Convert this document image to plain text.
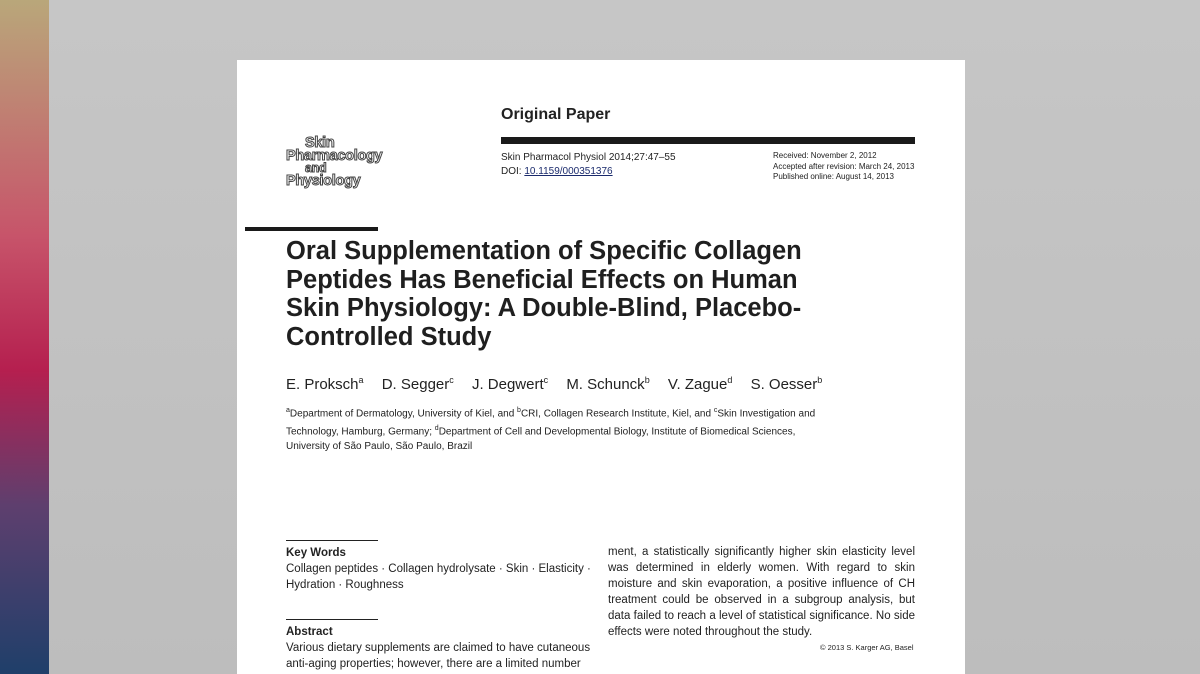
Skin
Pharmacology
and
Physiology
Original Paper
Skin Pharmacol Physiol 2014;27:47–55
DOI: 10.1159/000351376
Received: November 2, 2012
Accepted after revision: March 24, 2013
Published online: August 14, 2013
Oral Supplementation of Specific Collagen Peptides Has Beneficial Effects on Human Skin Physiology: A Double-Blind, Placebo-Controlled Study
E. Proksch$^a$ D. Segger$^c$ J. Degwert$^c$ M. Schunck$^b$ V. Zague$^d$ S. Oesser$^b$
$^a$Department of Dermatology, University of Kiel, and $^b$CRI, Collagen Research Institute, Kiel, and $^c$Skin Investigation and Technology, Hamburg, Germany; $^d$Department of Cell and Developmental Biology, Institute of Biomedical Sciences, University of São Paulo, São Paulo, Brazil
Key Words
Collagen peptides · Collagen hydrolysate · Skin · Elasticity · Hydration · Roughness
Abstract
Various dietary supplements are claimed to have cutaneous anti-aging properties; however, there are a limited number
ment, a statistically significantly higher skin elasticity level was determined in elderly women. With regard to skin moisture and skin evaporation, a positive influence of CH treatment could be observed in a subgroup analysis, but data failed to reach a level of statistical significance. No side effects were noted throughout the study.
© 2013 S. Karger AG, Basel
